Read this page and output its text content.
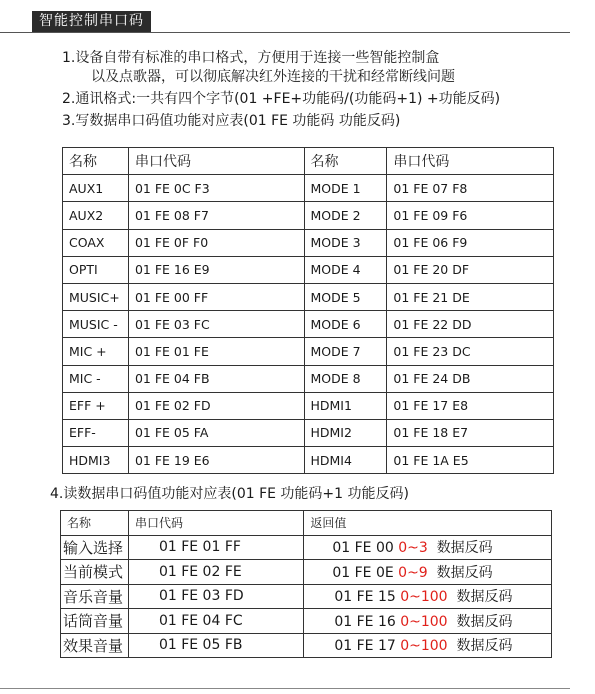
智能控制串口码
1.设备自带有标准的串口格式，方便用于连接一些智能控制盒
以及点歌器，可以彻底解决红外连接的干扰和经常断线问题
2.通讯格式:一共有四个字节(01 +FE+功能码/(功能码+1) +功能反码)
3.写数据串口码值功能对应表(01 FE 功能码 功能反码)
名称	串口代码	名称	串口代码
AUX1	01 FE 0C F3	MODE 1	01 FE 07 F8
AUX2	01 FE 08 F7	MODE 2	01 FE 09 F6
COAX	01 FE 0F F0	MODE 3	01 FE 06 F9
OPTI	01 FE 16 E9	MODE 4	01 FE 20 DF
MUSIC+	01 FE 00 FF	MODE 5	01 FE 21 DE
MUSIC -	01 FE 03 FC	MODE 6	01 FE 22 DD
MIC +	01 FE 01 FE	MODE 7	01 FE 23 DC
MIC -	01 FE 04 FB	MODE 8	01 FE 24 DB
EFF +	01 FE 02 FD	HDMI1	01 FE 17 E8
EFF-	01 FE 05 FA	HDMI2	01 FE 18 E7
HDMI3	01 FE 19 E6	HDMI4	01 FE 1A E5
4.读数据串口码值功能对应表(01 FE 功能码+1 功能反码)
名称	串口代码	返回值
输入选择	01 FE 01 FF	01 FE 00 0~3 数据反码
当前模式	01 FE 02 FE	01 FE 0E 0~9 数据反码
音乐音量	01 FE 03 FD	01 FE 15 0~100 数据反码
话筒音量	01 FE 04 FC	01 FE 16 0~100 数据反码
效果音量	01 FE 05 FB	01 FE 17 0~100 数据反码
